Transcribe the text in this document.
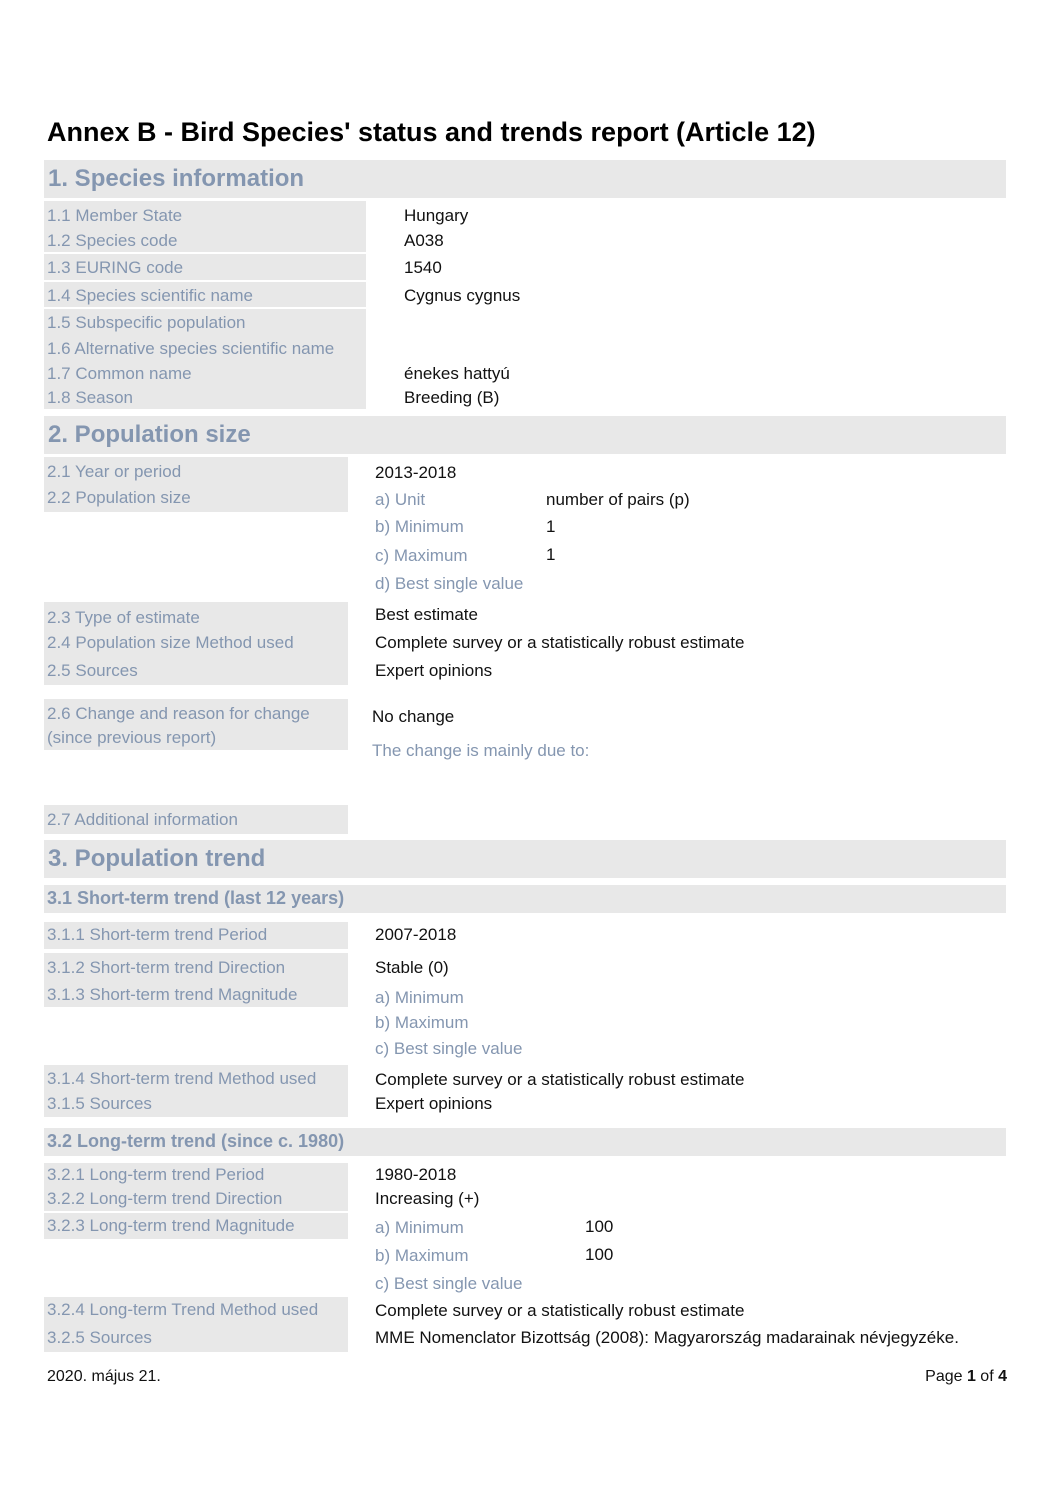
Annex B - Bird Species' status and trends report (Article 12)
1. Species information
1.1 Member State	Hungary
1.2 Species code	A038
1.3 EURING code	1540
1.4 Species scientific name	Cygnus cygnus
1.5 Subspecific population
1.6 Alternative species scientific name
1.7 Common name	énekes hattyú
1.8 Season	Breeding (B)
2. Population size
2.1 Year or period	2013-2018
2.2 Population size	a) Unit	number of pairs (p)
b) Minimum	1
c) Maximum	1
d) Best single value
2.3 Type of estimate	Best estimate
2.4 Population size Method used	Complete survey or a statistically robust estimate
2.5 Sources	Expert opinions
2.6 Change and reason for change
(since previous report)
No change
The change is mainly due to:
2.7 Additional information
3. Population trend
3.1 Short-term trend (last 12 years)
3.1.1 Short-term trend Period	2007-2018
3.1.2 Short-term trend Direction	Stable (0)
3.1.3 Short-term trend Magnitude	a) Minimum
b) Maximum
c) Best single value
3.1.4 Short-term trend Method used	Complete survey or a statistically robust estimate
3.1.5 Sources	Expert opinions
3.2 Long-term trend (since c. 1980)
3.2.1 Long-term trend Period	1980-2018
3.2.2 Long-term trend Direction	Increasing (+)
3.2.3 Long-term trend Magnitude	a) Minimum	100
b) Maximum	100
c) Best single value
3.2.4 Long-term Trend Method used	Complete survey or a statistically robust estimate
3.2.5 Sources	MME Nomenclator Bizottság (2008): Magyarország madarainak névjegyzéke.
2020. május 21.	Page 1 of 4
